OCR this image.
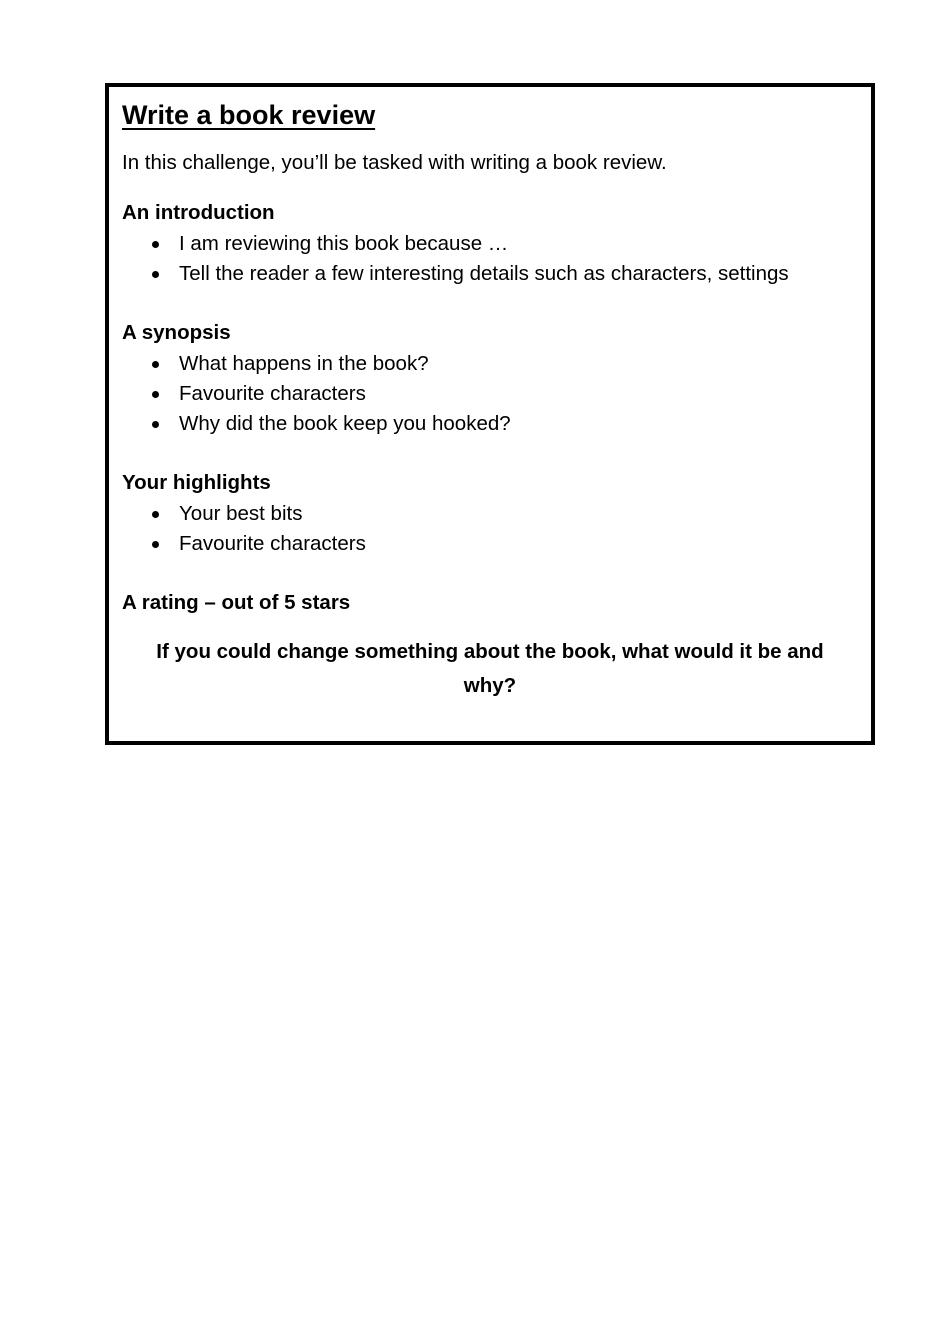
Write a book review

In this challenge, you’ll be tasked with writing a book review.

An introduction
I am reviewing this book because …
Tell the reader a few interesting details such as characters, settings
A synopsis
What happens in the book?
Favourite characters
Why did the book keep you hooked?
Your highlights
Your best bits
Favourite characters
A rating – out of 5 stars

If you could change something about the book, what would it be and why?
